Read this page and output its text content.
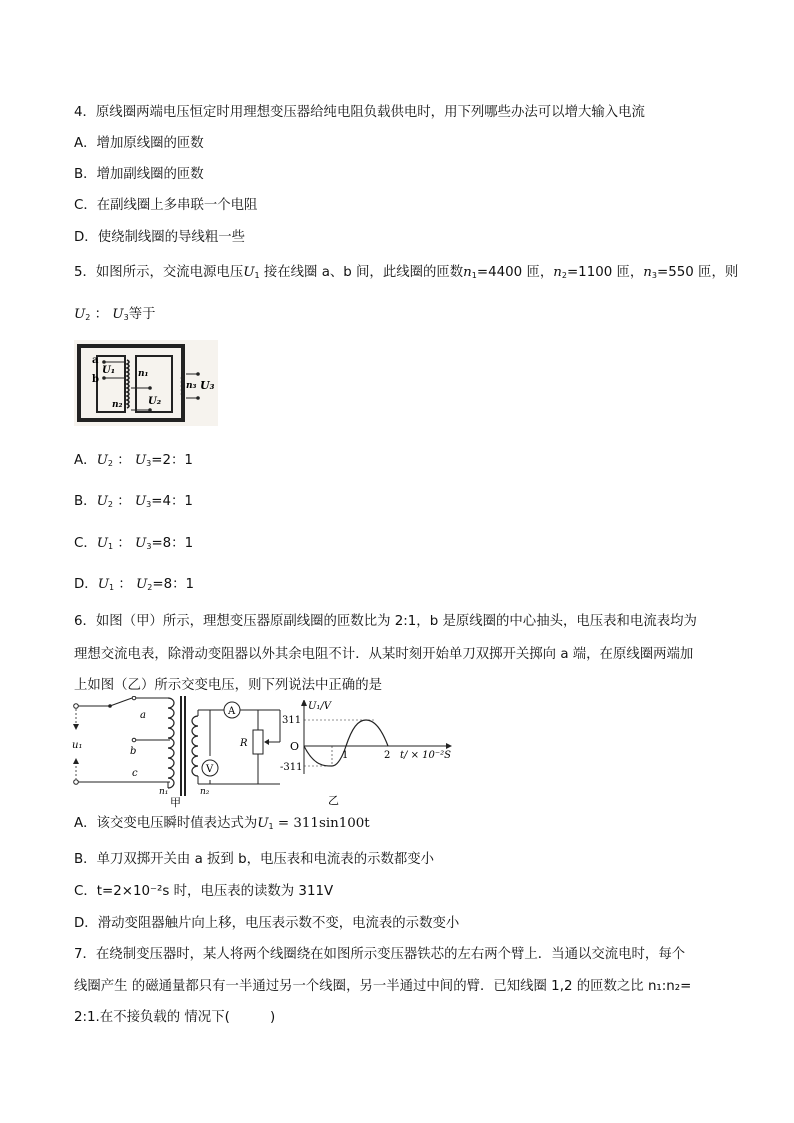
4．原线圈两端电压恒定时用理想变压器给纯电阻负载供电时，用下列哪些办法可以增大输入电流
A．增加原线圈的匝数
B．增加副线圈的匝数
C．在副线圈上多串联一个电阻
D．使绕制线圈的导线粗一些
5．如图所示，交流电源电压$U_1$ 接在线圈 a、b 间，此线圈的匝数$n_1=4400$ 匝，$n_2=1100$ 匝，$n_3=550$ 匝，则
$U_2$ ： $U_3$等于
a
b
U₁	n₁
n₂	U₂
n₃ U₃
A．$U_2$ ： $U_3=2$：1
B．$U_2$ ： $U_3=4$：1
C．$U_1$ ： $U_3=8$：1
D．$U_1$ ： $U_2=8$：1
6．如图（甲）所示，理想变压器原副线圈的匝数比为 2:1，b 是原线圈的中心抽头，电压表和电流表均为
理想交流电表，除滑动变阻器以外其余电阻不计．从某时刻开始单刀双掷开关掷向 a 端，在原线圈两端加
上如图（乙）所示交变电压，则下列说法中正确的是
u₁
a
b
c
n₁	n₂
V
A
R
甲
U₁/V
311
-311
O
1	2 t/ × 10⁻²S
乙
A．该交变电压瞬时值表达式为$U_1 = 311\sin 100t$
B．单刀双掷开关由 a 扳到 b，电压表和电流表的示数都变小
C．t=2×10⁻²s 时，电压表的读数为 311V
D．滑动变阻器触片向上移，电压表示数不变，电流表的示数变小
7．在绕制变压器时，某人将两个线圈绕在如图所示变压器铁芯的左右两个臂上．当通以交流电时，每个
线圈产生 的磁通量都只有一半通过另一个线圈，另一半通过中间的臂．已知线圈 1,2 的匝数之比 n₁:n₂=
2:1.在不接负载的 情况下(　　　)
